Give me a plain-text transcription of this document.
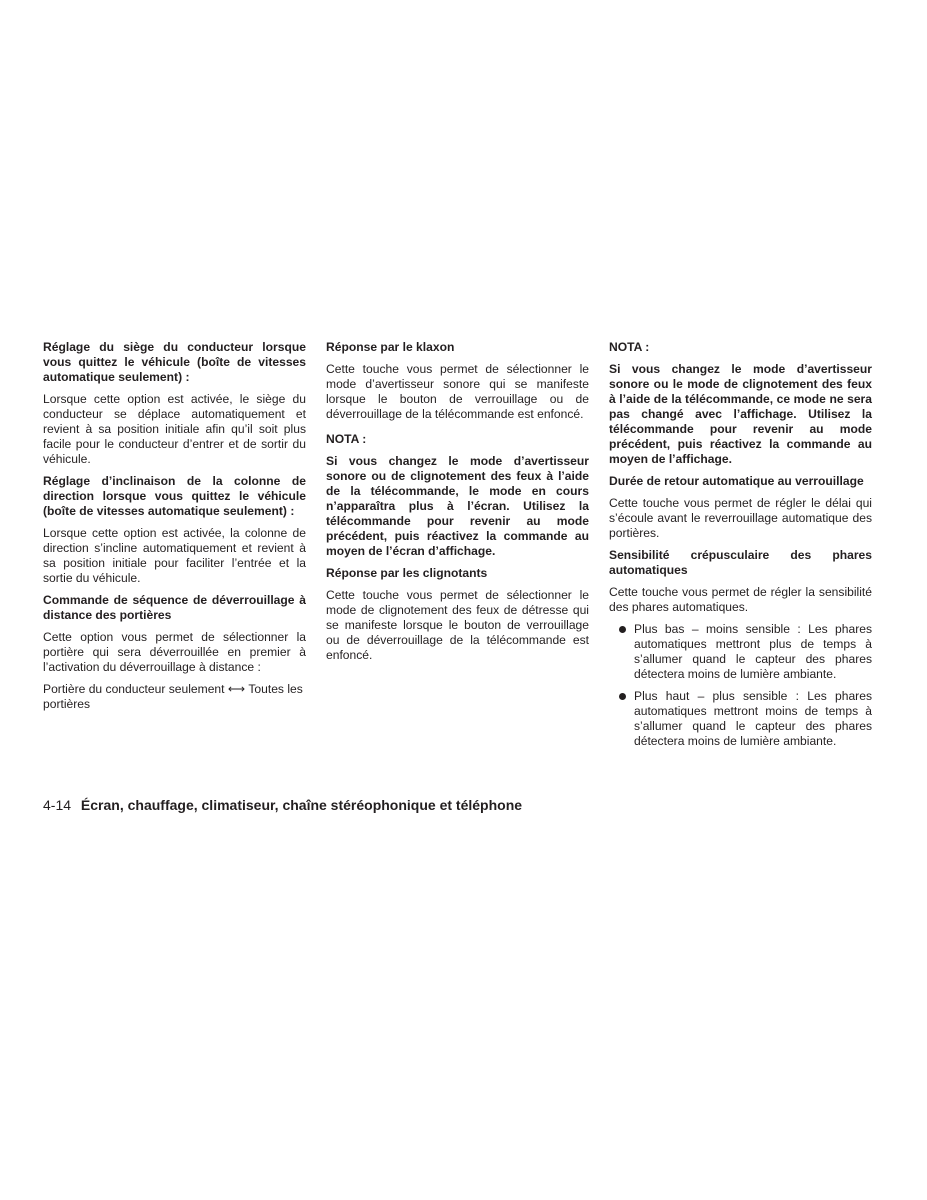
Réglage du siège du conducteur lorsque vous quittez le véhicule (boîte de vitesses automatique seulement) :

Lorsque cette option est activée, le siège du conducteur se déplace automatiquement et revient à sa position initiale afin qu’il soit plus facile pour le conducteur d’entrer et de sortir du véhicule.

Réglage d’inclinaison de la colonne de direction lorsque vous quittez le véhicule (boîte de vitesses automatique seulement) :

Lorsque cette option est activée, la colonne de direction s’incline automatiquement et revient à sa position initiale pour faciliter l’entrée et la sortie du véhicule.

Commande de séquence de déverrouillage à distance des portières

Cette option vous permet de sélectionner la portière qui sera déverrouillée en premier à l’activation du déverrouillage à distance :

Portière du conducteur seulement ⟷ Toutes les portières

Réponse par le klaxon

Cette touche vous permet de sélectionner le mode d’avertisseur sonore qui se manifeste lorsque le bouton de verrouillage ou de déverrouillage de la télécommande est enfoncé.

NOTA :

Si vous changez le mode d’avertisseur sonore ou de clignotement des feux à l’aide de la télécommande, le mode en cours n’apparaîtra plus à l’écran. Utilisez la télécommande pour revenir au mode précédent, puis réactivez la commande au moyen de l’écran d’affichage.

Réponse par les clignotants

Cette touche vous permet de sélectionner le mode de clignotement des feux de détresse qui se manifeste lorsque le bouton de verrouillage ou de déverrouillage de la télécommande est enfoncé.

NOTA :

Si vous changez le mode d’avertisseur sonore ou le mode de clignotement des feux à l’aide de la télécommande, ce mode ne sera pas changé avec l’affichage. Utilisez la télécommande pour revenir au mode précédent, puis réactivez la commande au moyen de l’affichage.

Durée de retour automatique au verrouillage

Cette touche vous permet de régler le délai qui s’écoule avant le reverrouillage automatique des portières.

Sensibilité crépusculaire des phares automatiques

Cette touche vous permet de régler la sensibilité des phares automatiques.

Plus bas – moins sensible : Les phares automatiques mettront plus de temps à s’allumer quand le capteur des phares détectera moins de lumière ambiante.
Plus haut – plus sensible : Les phares automatiques mettront moins de temps à s’allumer quand le capteur des phares détectera moins de lumière ambiante.
4-14 Écran, chauffage, climatiseur, chaîne stéréophonique et téléphone
